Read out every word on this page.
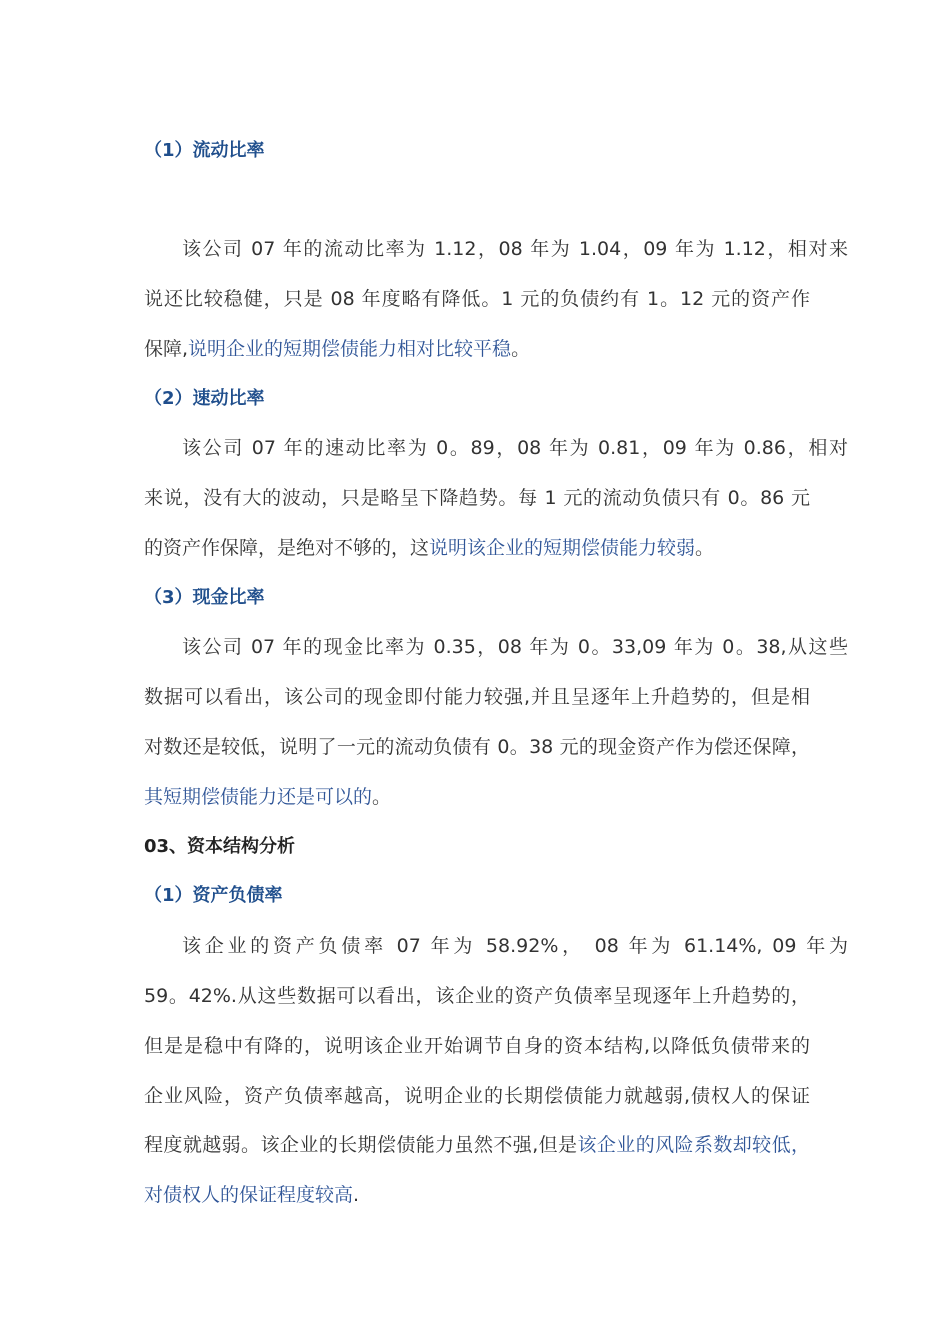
（1）流动比率
该公司 07 年的流动比率为 1.12，08 年为 1.04，09 年为 1.12，相对来
说还比较稳健，只是 08 年度略有降低。1 元的负债约有 1。12 元的资产作
保障,说明企业的短期偿债能力相对比较平稳。
（2）速动比率
该公司 07 年的速动比率为 0。89，08 年为 0.81，09 年为 0.86，相对
来说，没有大的波动，只是略呈下降趋势。每 1 元的流动负债只有 0。86 元
的资产作保障，是绝对不够的，这说明该企业的短期偿债能力较弱。
（3）现金比率
该公司 07 年的现金比率为 0.35，08 年为 0。33,09 年为 0。38,从这些
数据可以看出，该公司的现金即付能力较强,并且呈逐年上升趋势的，但是相
对数还是较低，说明了一元的流动负债有 0。38 元的现金资产作为偿还保障，
其短期偿债能力还是可以的。
03、资本结构分析
（1）资产负债率
该企业的资产负债率 07 年为 58.92%， 08 年为 61.14%, 09 年为
59。42%.从这些数据可以看出，该企业的资产负债率呈现逐年上升趋势的，
但是是稳中有降的，说明该企业开始调节自身的资本结构,以降低负债带来的
企业风险，资产负债率越高，说明企业的长期偿债能力就越弱,债权人的保证
程度就越弱。该企业的长期偿债能力虽然不强,但是该企业的风险系数却较低，
对债权人的保证程度较高.
